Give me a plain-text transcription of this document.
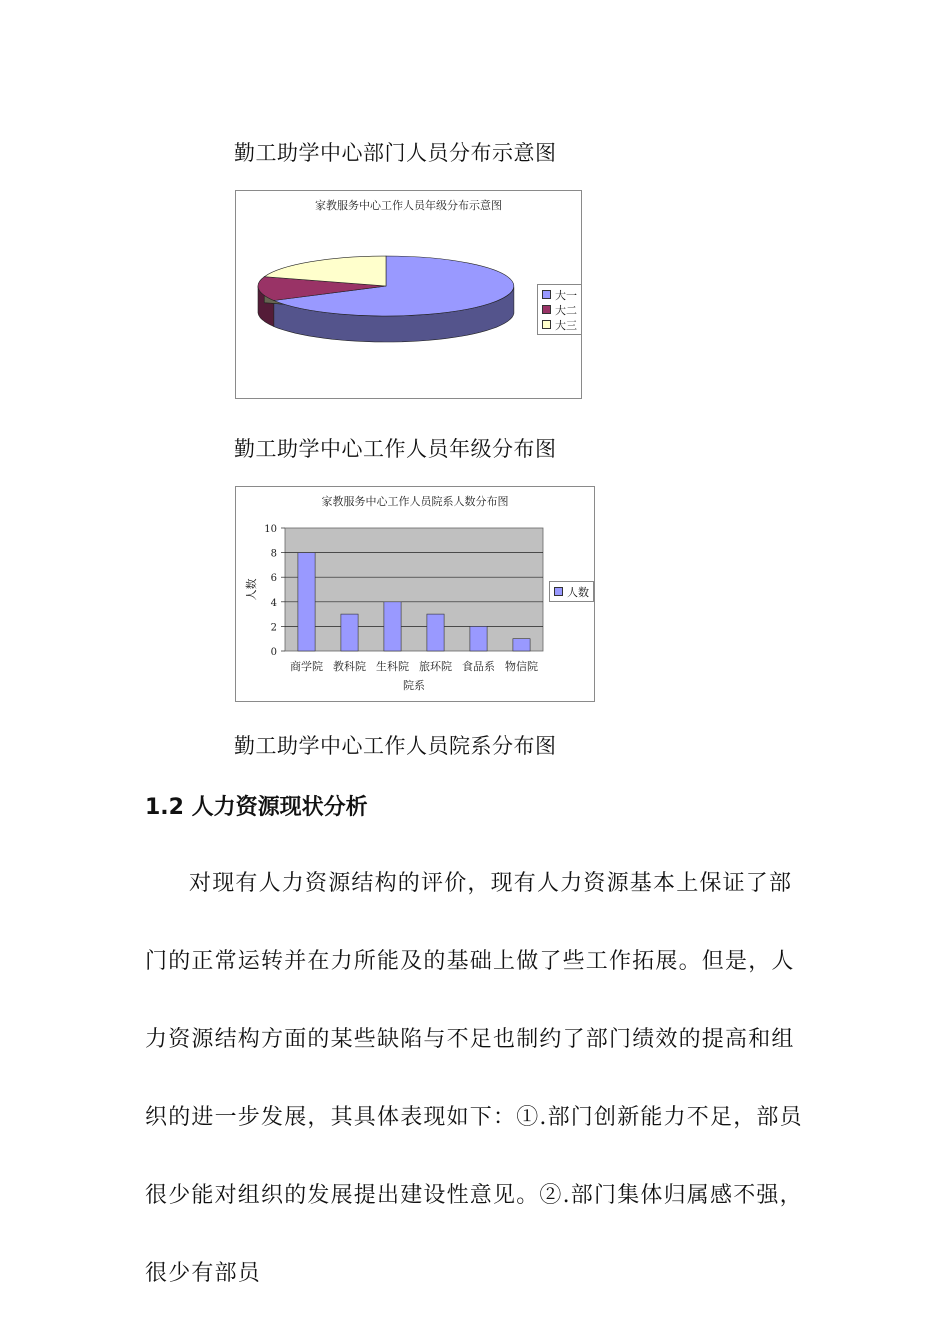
勤工助学中心部门人员分布示意图
家教服务中心工作人员年级分布示意图
大一
大二
大三
勤工助学中心工作人员年级分布图
家教服务中心工作人员院系人数分布图
0
2
4
6
8
10
商学院 教科院 生科院 旅环院 食品系 物信院
院系
人数	人数
勤工助学中心工作人员院系分布图
1.2 人力资源现状分析

对现有人力资源结构的评价，现有人力资源基本上保证了部门的正常运转并在力所能及的基础上做了些工作拓展。但是，人力资源结构方面的某些缺陷与不足也制约了部门绩效的提高和组织的进一步发展，其具体表现如下：①.部门创新能力不足，部员很少能对组织的发展提出建设性意见。②.部门集体归属感不强，很少有部员
